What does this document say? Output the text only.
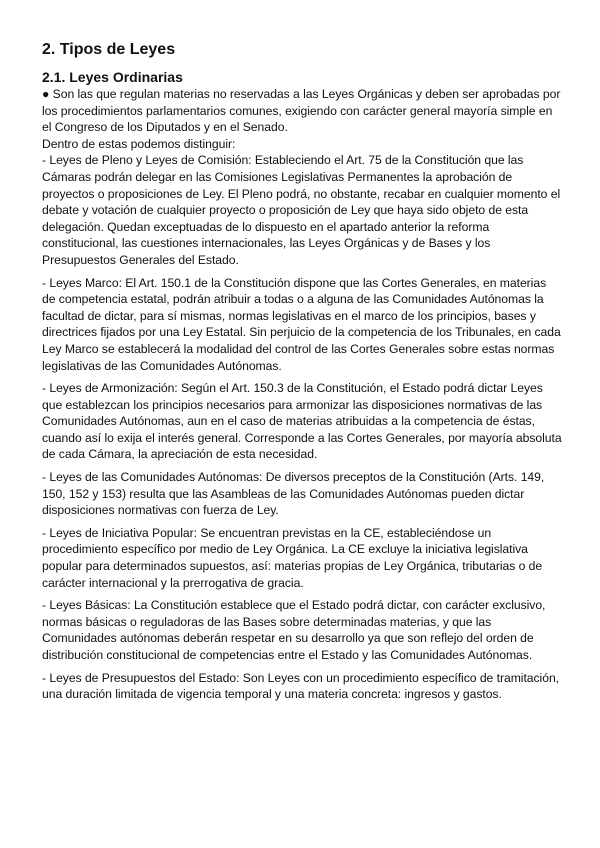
2. Tipos de Leyes
2.1. Leyes Ordinarias

● Son las que regulan materias no reservadas a las Leyes Orgánicas y deben ser aprobadas por los procedimientos parlamentarios comunes, exigiendo con carácter general mayoría simple en el Congreso de los Diputados y en el Senado.

Dentro de estas podemos distinguir:

- Leyes de Pleno y Leyes de Comisión: Estableciendo el Art. 75 de la Constitución que las Cámaras podrán delegar en las Comisiones Legislativas Permanentes la aprobación de proyectos o proposiciones de Ley. El Pleno podrá, no obstante, recabar en cualquier momento el debate y votación de cualquier proyecto o proposición de Ley que haya sido objeto de esta delegación. Quedan exceptuadas de lo dispuesto en el apartado anterior la reforma constitucional, las cuestiones internacionales, las Leyes Orgánicas y de Bases y los Presupuestos Generales del Estado.

- Leyes Marco: El Art. 150.1 de la Constitución dispone que las Cortes Generales, en materias de competencia estatal, podrán atribuir a todas o a alguna de las Comunidades Autónomas la facultad de dictar, para sí mismas, normas legislativas en el marco de los principios, bases y directrices fijados por una Ley Estatal. Sin perjuicio de la competencia de los Tribunales, en cada Ley Marco se establecerá la modalidad del control de las Cortes Generales sobre estas normas legislativas de las Comunidades Autónomas.

- Leyes de Armonización: Según el Art. 150.3 de la Constitución, el Estado podrá dictar Leyes que establezcan los principios necesarios para armonizar las disposiciones normativas de las Comunidades Autónomas, aun en el caso de materias atribuidas a la competencia de éstas, cuando así lo exija el interés general. Corresponde a las Cortes Generales, por mayoría absoluta de cada Cámara, la apreciación de esta necesidad.

- Leyes de las Comunidades Autónomas: De diversos preceptos de la Constitución (Arts. 149, 150, 152 y 153) resulta que las Asambleas de las Comunidades Autónomas pueden dictar disposiciones normativas con fuerza de Ley.

- Leyes de Iniciativa Popular: Se encuentran previstas en la CE, estableciéndose un procedimiento específico por medio de Ley Orgánica. La CE excluye la iniciativa legislativa popular para determinados supuestos, así: materias propias de Ley Orgánica, tributarias o de carácter internacional y la prerrogativa de gracia.

- Leyes Básicas: La Constitución establece que el Estado podrá dictar, con carácter exclusivo, normas básicas o reguladoras de las Bases sobre determinadas materias, y que las Comunidades autónomas deberán respetar en su desarrollo ya que son reflejo del orden de distribución constitucional de competencias entre el Estado y las Comunidades Autónomas.

- Leyes de Presupuestos del Estado: Son Leyes con un procedimiento específico de tramitación, una duración limitada de vigencia temporal y una materia concreta: ingresos y gastos.
